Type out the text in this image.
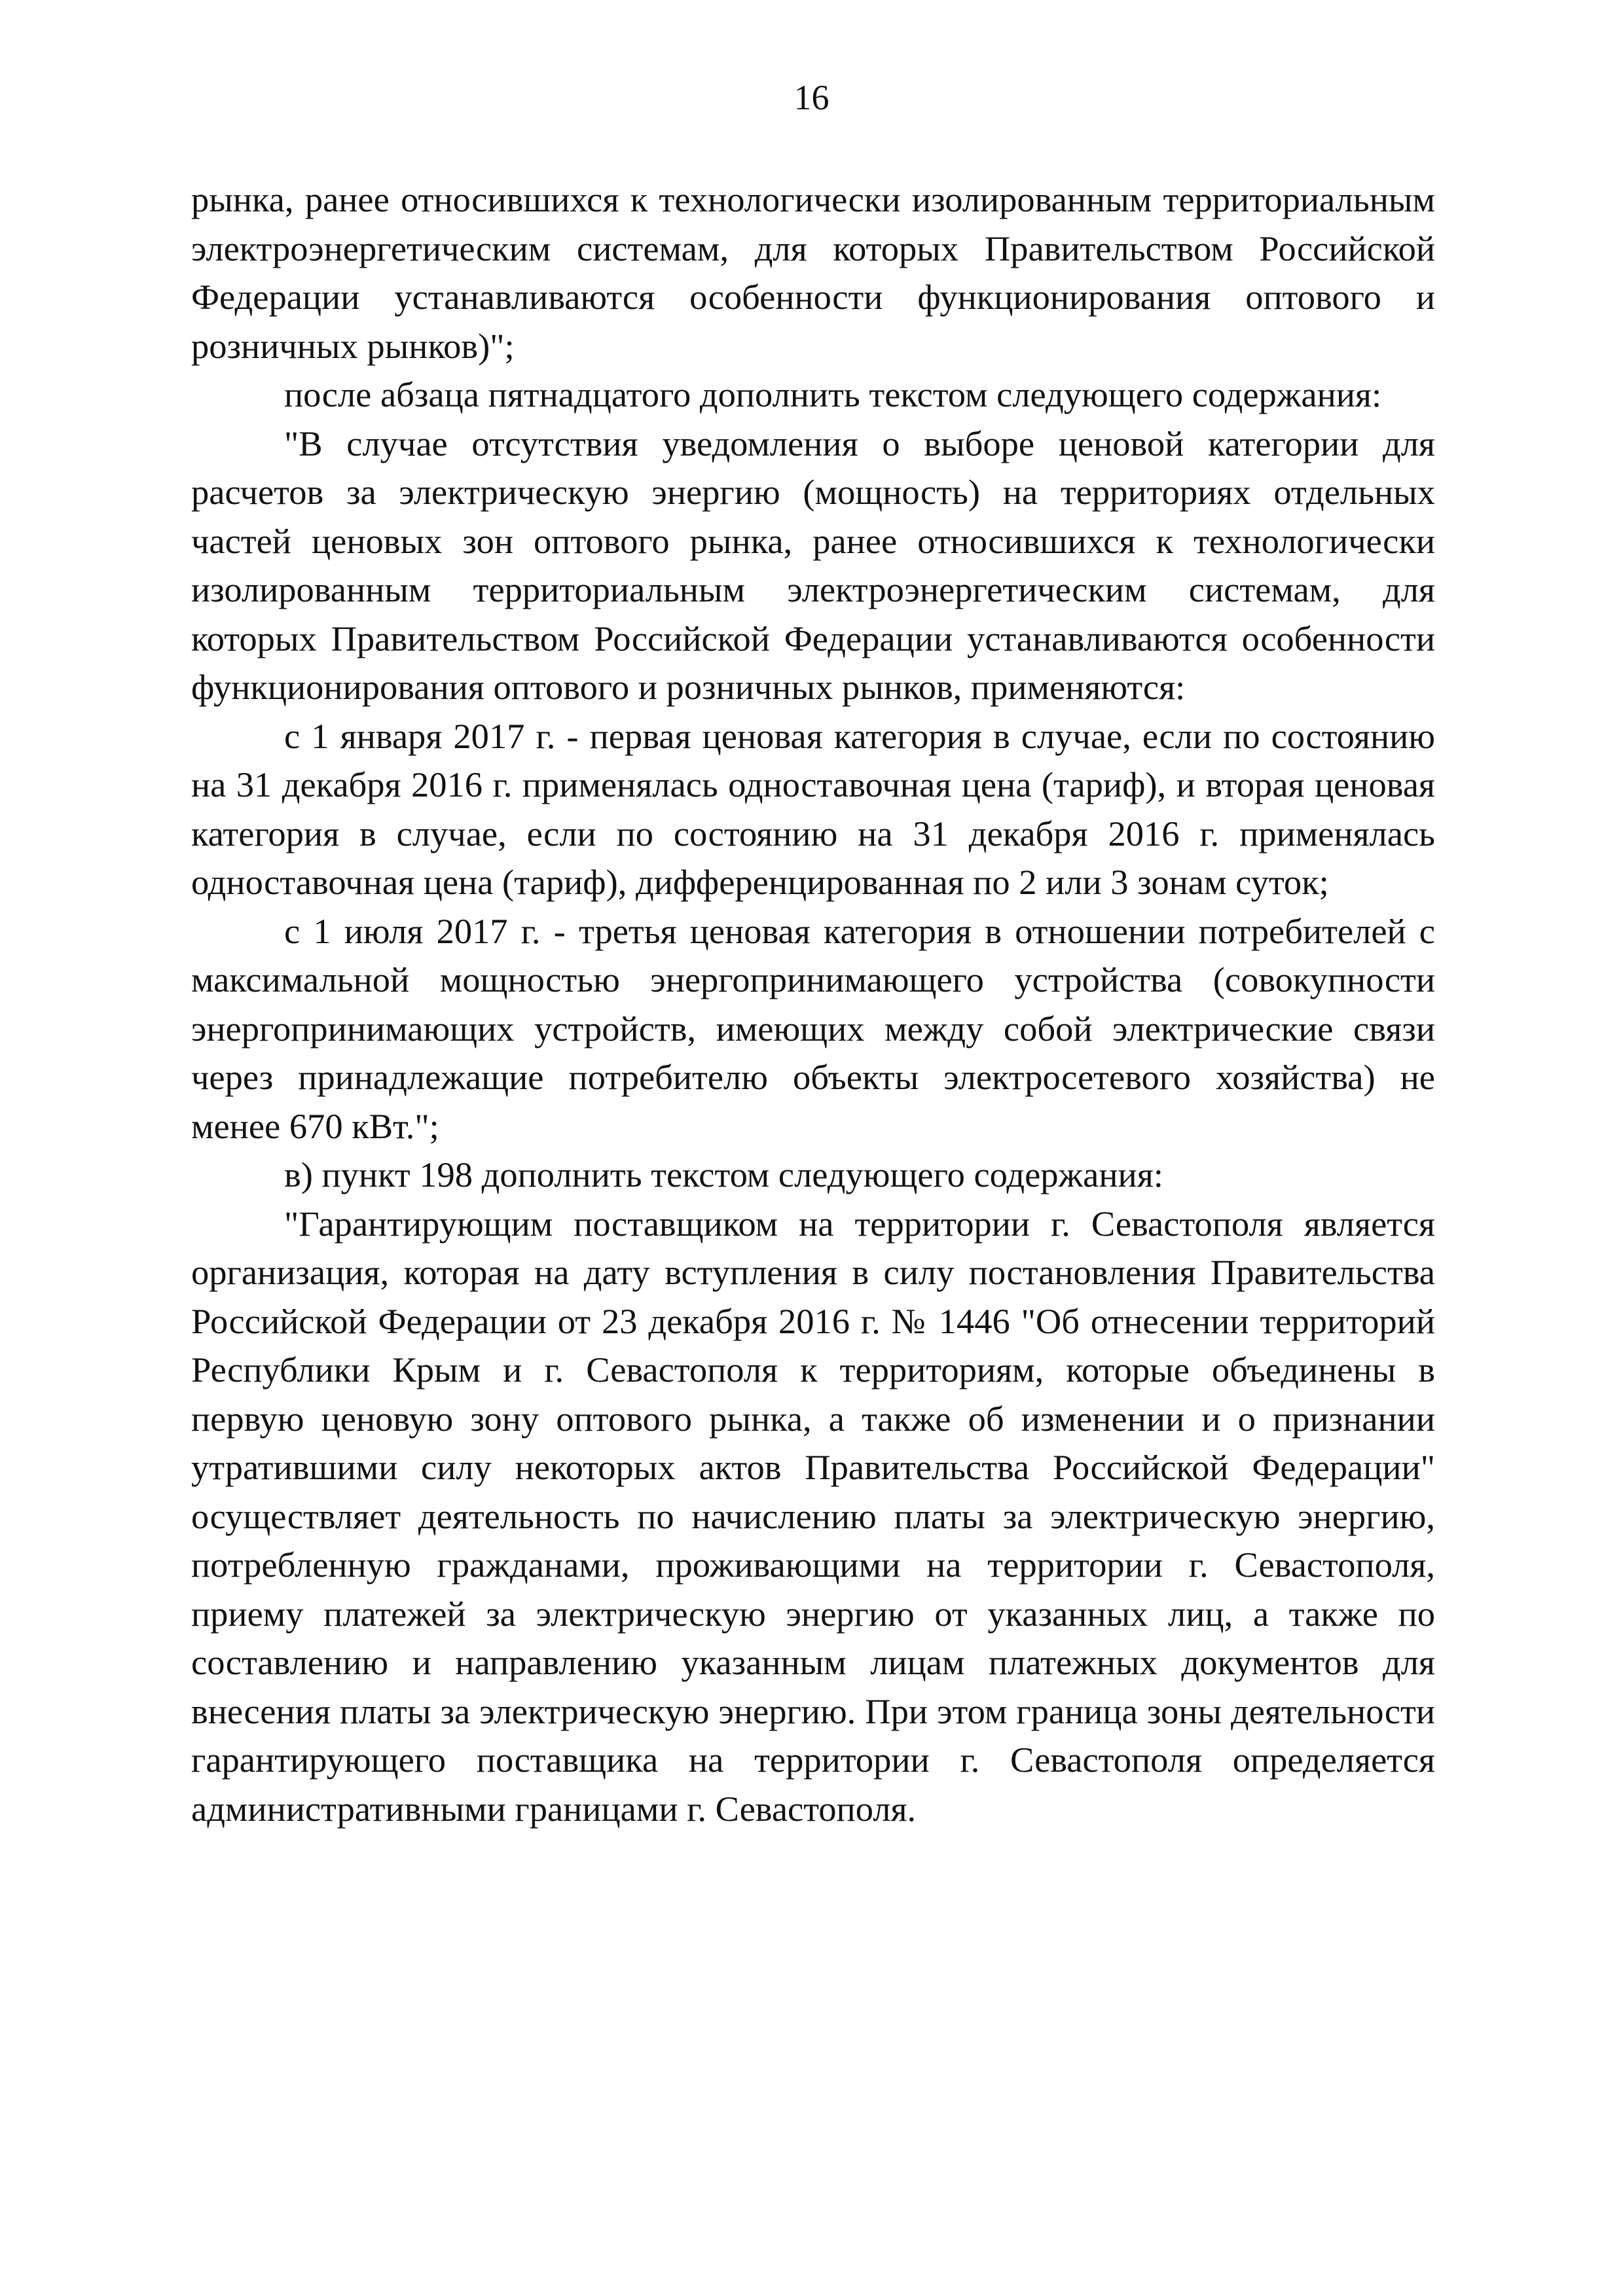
16

рынка, ранее относившихся к технологически изолированным территориальным электроэнергетическим системам, для которых Правительством Российской Федерации устанавливаются особенности функционирования оптового и розничных рынков)";

после абзаца пятнадцатого дополнить текстом следующего содержания:

"В случае отсутствия уведомления о выборе ценовой категории для расчетов за электрическую энергию (мощность) на территориях отдельных частей ценовых зон оптового рынка, ранее относившихся к технологически изолированным территориальным электроэнергетическим системам, для которых Правительством Российской Федерации устанавливаются особенности функционирования оптового и розничных рынков, применяются:

с 1 января 2017 г. - первая ценовая категория в случае, если по состоянию на 31 декабря 2016 г. применялась одноставочная цена (тариф), и вторая ценовая категория в случае, если по состоянию на 31 декабря 2016 г. применялась одноставочная цена (тариф), дифференцированная по 2 или 3 зонам суток;

с 1 июля 2017 г. - третья ценовая категория в отношении потребителей с максимальной мощностью энергопринимающего устройства (совокупности энергопринимающих устройств, имеющих между собой электрические связи через принадлежащие потребителю объекты электросетевого хозяйства) не менее 670 кВт.";

в) пункт 198 дополнить текстом следующего содержания:

"Гарантирующим поставщиком на территории г. Севастополя является организация, которая на дату вступления в силу постановления Правительства Российской Федерации от 23 декабря 2016 г. № 1446 "Об отнесении территорий Республики Крым и г. Севастополя к территориям, которые объединены в первую ценовую зону оптового рынка, а также об изменении и о признании утратившими силу некоторых актов Правительства Российской Федерации" осуществляет деятельность по начислению платы за электрическую энергию, потребленную гражданами, проживающими на территории г. Севастополя, приему платежей за электрическую энергию от указанных лиц, а также по составлению и направлению указанным лицам платежных документов для внесения платы за электрическую энергию. При этом граница зоны деятельности гарантирующего поставщика на территории г. Севастополя определяется административными границами г. Севастополя.
